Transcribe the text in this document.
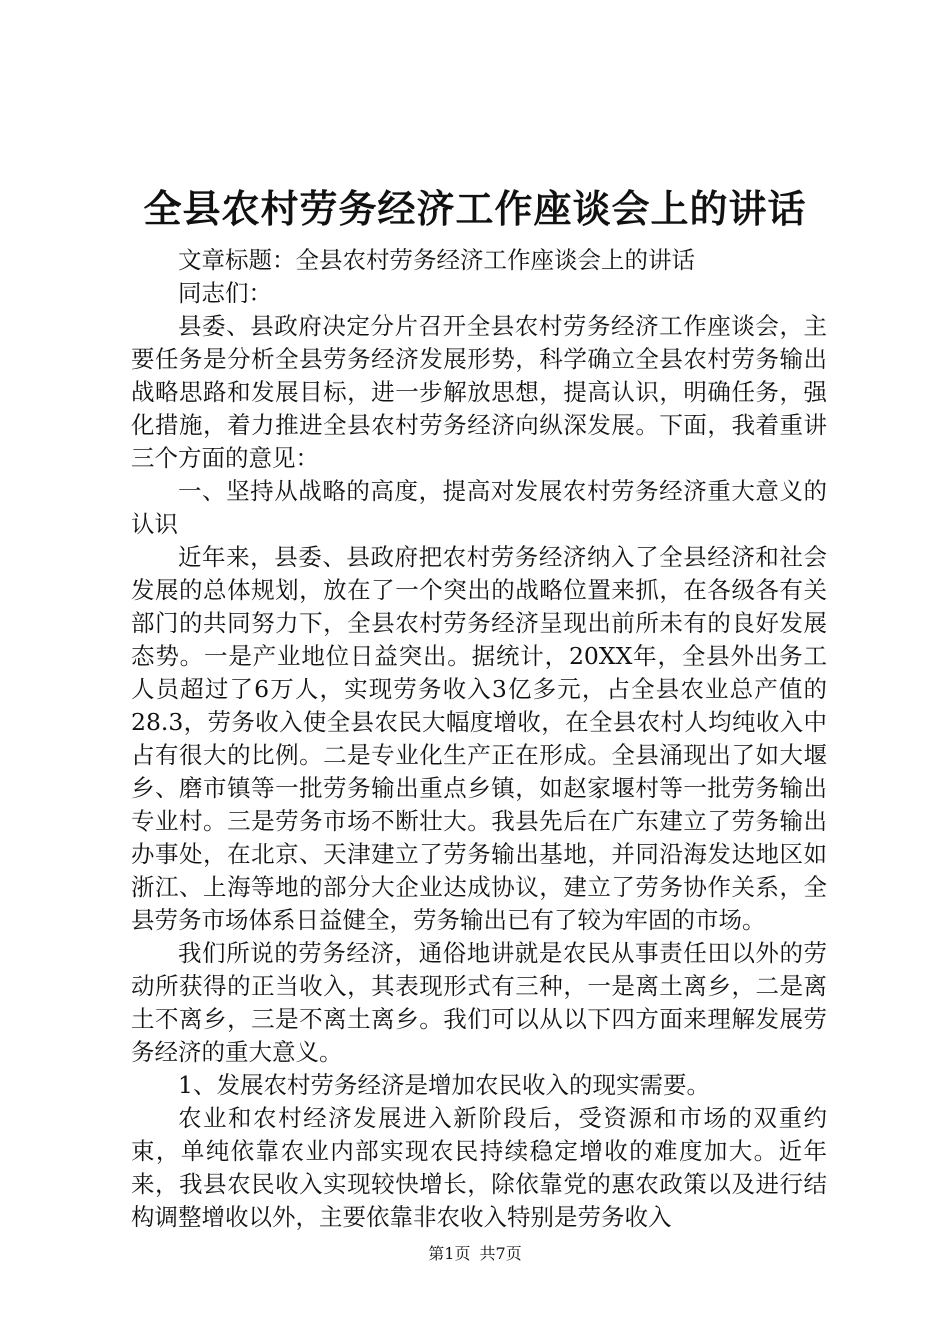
全县农村劳务经济工作座谈会上的讲话

文章标题：全县农村劳务经济工作座谈会上的讲话

同志们：

县委、县政府决定分片召开全县农村劳务经济工作座谈会，主要任务是分析全县劳务经济发展形势，科学确立全县农村劳务输出战略思路和发展目标，进一步解放思想，提高认识，明确任务，强化措施，着力推进全县农村劳务经济向纵深发展。下面，我着重讲三个方面的意见：

一、坚持从战略的高度，提高对发展农村劳务经济重大意义的认识

近年来，县委、县政府把农村劳务经济纳入了全县经济和社会发展的总体规划，放在了一个突出的战略位置来抓，在各级各有关部门的共同努力下，全县农村劳务经济呈现出前所未有的良好发展态势。一是产业地位日益突出。据统计，20XX年，全县外出务工人员超过了6万人，实现劳务收入3亿多元，占全县农业总产值的28.3，劳务收入使全县农民大幅度增收，在全县农村人均纯收入中占有很大的比例。二是专业化生产正在形成。全县涌现出了如大堰乡、磨市镇等一批劳务输出重点乡镇，如赵家堰村等一批劳务输出专业村。三是劳务市场不断壮大。我县先后在广东建立了劳务输出办事处，在北京、天津建立了劳务输出基地，并同沿海发达地区如浙江、上海等地的部分大企业达成协议，建立了劳务协作关系，全县劳务市场体系日益健全，劳务输出已有了较为牢固的市场。

我们所说的劳务经济，通俗地讲就是农民从事责任田以外的劳动所获得的正当收入，其表现形式有三种，一是离土离乡，二是离土不离乡，三是不离土离乡。我们可以从以下四方面来理解发展劳务经济的重大意义。

1、发展农村劳务经济是增加农民收入的现实需要。

农业和农村经济发展进入新阶段后，受资源和市场的双重约束，单纯依靠农业内部实现农民持续稳定增收的难度加大。近年来，我县农民收入实现较快增长，除依靠党的惠农政策以及进行结构调整增收以外，主要依靠非农收入特别是劳务收入

第1页 共7页
